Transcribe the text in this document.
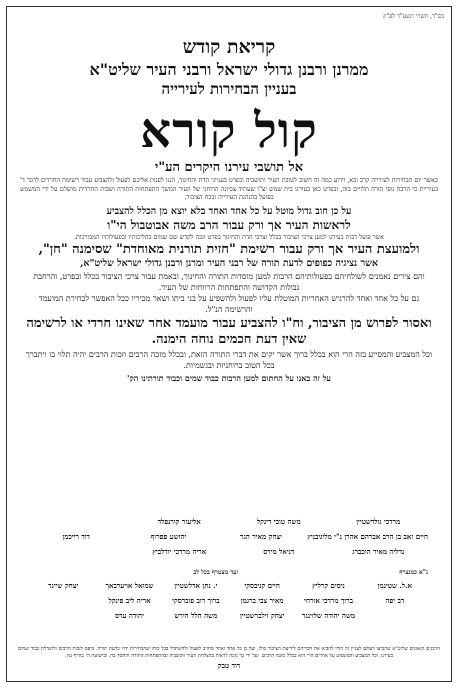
בס"ד, תשרי תשע"ד לפ"ק
קריאת קודש
ממרנן ורבנן גדולי ישראל ורבני העיר שליט"א
בעניין הבחירות לעירייה
קול קורא
אל תושבי עירנו היקרים הע"י
כאשר יום הבחירות לעירייה קרב ובא, וידוע כמה זה חשוב לטובת העיר ותושביה ובפרט בענייני הדת והחינוך, הננו לפנות אליכם לפעול ולהצביע עבור רשימת החרדים לדבר ד' בעיריית כי הרבה גופי תורה תלויים בזה, ובפרט כאן בעירנו בית שמש יצ"ו שעתיד צביונה הרוחני של העיר המשך התפתחות התורה ושבות החרדית מושלם על ידי המשמש בפועל בהנהגת העירייה ובכח הציבור.
על כן חוב גדול מוטל על כל אחד ואחד בלא יוצא מן הכלל להצביע
לראשות העיר אך ורק עבור הרב משה אבוטבול הי"ו
אשר פועל רבות בעירנו למען צרכי הציבור בכלל וצרכי הדת והחינוך בפרט וזכה לקדש שם שמים בהליכותיו ובפעולותיו המבורכות.
ולמועצת העיר אך ורק עבור רשימת "חזית תורנית מאוחדת" שסימנה "חן",
אשר נציגיה כפופים לדעת תורה של רבני העיר ומרנן ורבנן גדולי ישראל שליט"א,
והם צירים נאמנים לשולחיהם בפעולותיהם הרבות למען מוסדות התורה והחינוך, ובאמת עבור צרכי הציבור בכלל ובפרט, והרחבת גבולות הקדושה והתפתחות הרווחות של העיר.
גם על כל אחד ואחד להרגיש האחריות המוטלת עליו לפעול ולהשפיע על בני ביתו ושאר מכיריו ככל האפשר לבחירת המועמד והרשימה הנ"ל.
ואסור לפרוש מן הציבור, וח"ו להצביע עבור מועמד אחר שאינו חרדי או לרשימה
שאין דעת חכמים נוחה הימנה.
וכל המצביע והמסייע בזה הרי הוא בכלל ברוך אשר יקים את דברי התורה הזאת, ובכלל מזכה הרבים וזכות הרבים יהיה תלוי בו ויתברך בכל הטוב ברוחניות ובגשמיות.
על זה באנו על החתום למען הרבות כבוד שמים וכבוד תורתינו הק'
מרדכי גולדשטיין
משה טובי דינקל
אליעזר קורנפלד
חיים זאב בן הרב אברהם אהרן נ"י מליגיבניץ
יצחק מאיר הגר
יהושע פפרוף
דוד רייכמן
נדליה מאיר הוכברג
דניאל מירס
אריה מרדכי יודלביץ
ג"א כמנצרף
ועד מצטרף בכל לב
א.ל. שטינמן
ניסים קרליץ
חיים קניבסקי
י. נתן אדלשטיין
שמואל אויערבאך
יצחק שיינר
דב יפה
ברוך מרדכי אזרחי
מאיר צבי ברגמן
ברוך דוב פוברסקי
אריה ליב פינקל
משה יהודה שלזינגר
יצחק זילברשטיין
משה הלל הירש
יהודה עדס
הרבנים הגאונים שליט"א שהביעו דעתם לעניין זה הורו להביא את דבריהם לידיעת הציבור כולו, ועל כן כל אחד ואחד מחויב לפעול ולהשתדל בכל כוחו שהבחירות יהיו כדעת תורה. נדפס לזכות הרבים ולהגדלת כבוד שמים בעירנו, וכל המצביע והמשפיע על אחרים הרי הוא בכלל מזכה הרבים. ועל ידי כך נזכה לראות בהצלחת העיר ותושביה ובהתפתחות התורה והחסד בה, ובישועת ה' כהרף עין.
דוד טבק
